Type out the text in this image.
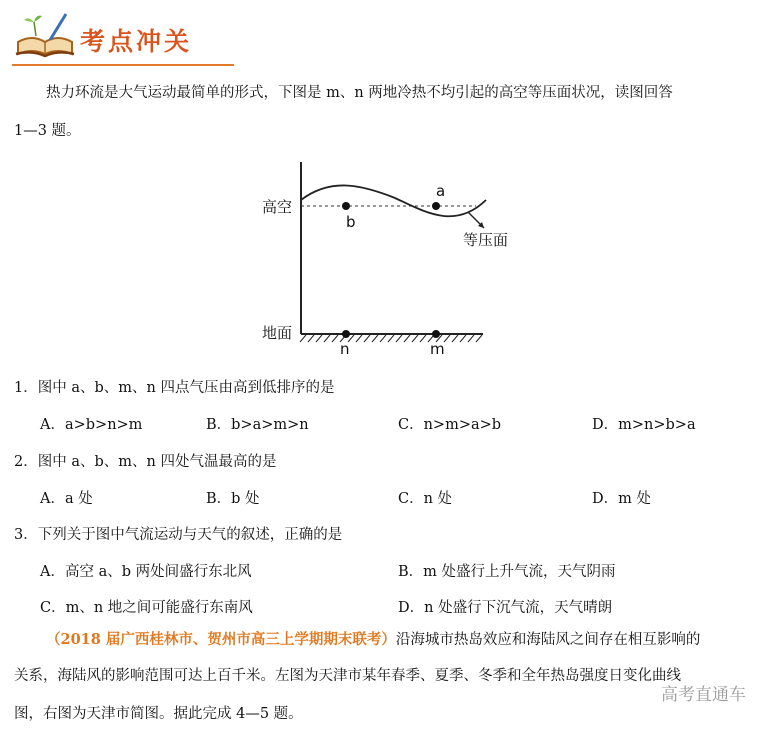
考点冲关
热力环流是大气运动最简单的形式，下图是 m、n 两地冷热不均引起的高空等压面状况，读图回答
1—3 题。
高空
地面
等压面
a
b
n	m
1．图中 a、b、m、n 四点气压由高到低排序的是
A．a>b>n>m	B．b>a>m>n	C．n>m>a>b	D．m>n>b>a
2．图中 a、b、m、n 四处气温最高的是
A．a 处	B．b 处	C．n 处	D．m 处
3．下列关于图中气流运动与天气的叙述，正确的是
A．高空 a、b 两处间盛行东北风	B．m 处盛行上升气流，天气阴雨
C．m、n 地之间可能盛行东南风	D．n 处盛行下沉气流，天气晴朗
（2018 届广西桂林市、贺州市高三上学期期末联考）沿海城市热岛效应和海陆风之间存在相互影响的
关系，海陆风的影响范围可达上百千米。左图为天津市某年春季、夏季、冬季和全年热岛强度日变化曲线
图，右图为天津市简图。据此完成 4—5 题。
高考直通车
